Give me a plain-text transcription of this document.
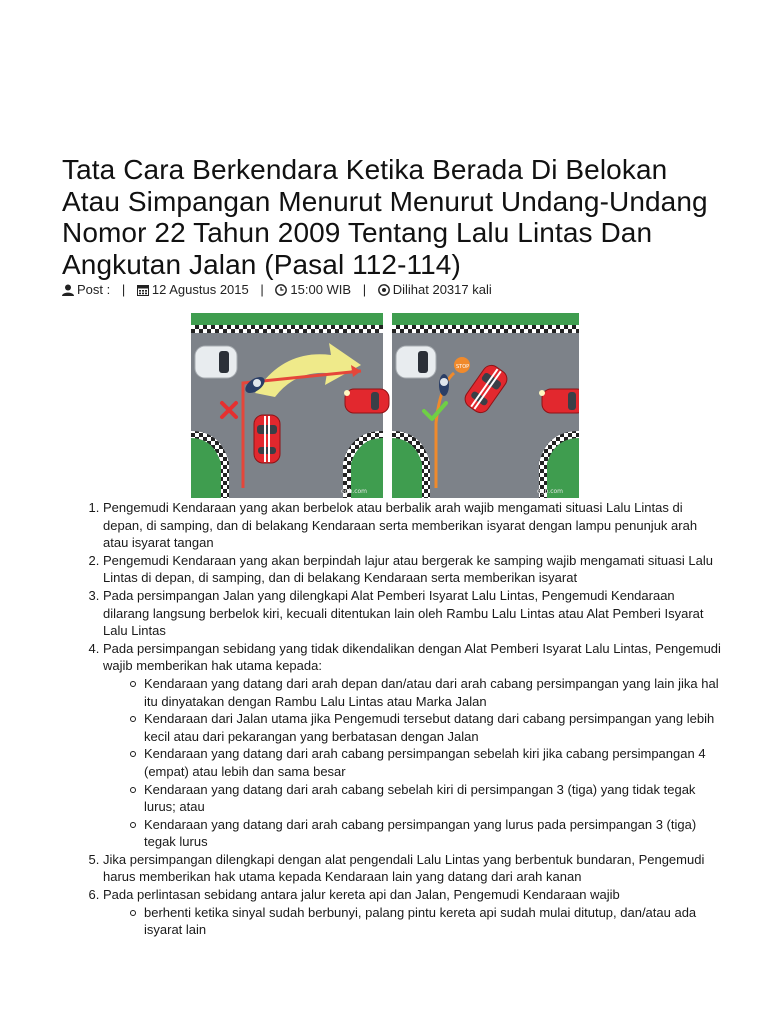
Tata Cara Berkendara Ketika Berada Di Belokan Atau Simpangan Menurut Menurut Undang-Undang Nomor 22 Tahun 2009 Tentang Lalu Lintas Dan Angkutan Jalan (Pasal 112-114)
Post : | 12 Agustus 2015 | 15:00 WIB | Dilihat 20317 kali
ogb.com
STOP
ogb.com
1. Pengemudi Kendaraan yang akan berbelok atau berbalik arah wajib mengamati situasi Lalu Lintas di depan, di samping, dan di belakang Kendaraan serta memberikan isyarat dengan lampu penunjuk arah atau isyarat tangan
2. Pengemudi Kendaraan yang akan berpindah lajur atau bergerak ke samping wajib mengamati situasi Lalu Lintas di depan, di samping, dan di belakang Kendaraan serta memberikan isyarat
3. Pada persimpangan Jalan yang dilengkapi Alat Pemberi Isyarat Lalu Lintas, Pengemudi Kendaraan dilarang langsung berbelok kiri, kecuali ditentukan lain oleh Rambu Lalu Lintas atau Alat Pemberi Isyarat Lalu Lintas
4. Pada persimpangan sebidang yang tidak dikendalikan dengan Alat Pemberi Isyarat Lalu Lintas, Pengemudi wajib memberikan hak utama kepada:
Kendaraan yang datang dari arah depan dan/atau dari arah cabang persimpangan yang lain jika hal itu dinyatakan dengan Rambu Lalu Lintas atau Marka Jalan
Kendaraan dari Jalan utama jika Pengemudi tersebut datang dari cabang persimpangan yang lebih kecil atau dari pekarangan yang berbatasan dengan Jalan
Kendaraan yang datang dari arah cabang persimpangan sebelah kiri jika cabang persimpangan 4 (empat) atau lebih dan sama besar
Kendaraan yang datang dari arah cabang sebelah kiri di persimpangan 3 (tiga) yang tidak tegak lurus; atau
Kendaraan yang datang dari arah cabang persimpangan yang lurus pada persimpangan 3 (tiga) tegak lurus
5. Jika persimpangan dilengkapi dengan alat pengendali Lalu Lintas yang berbentuk bundaran, Pengemudi harus memberikan hak utama kepada Kendaraan lain yang datang dari arah kanan
6. Pada perlintasan sebidang antara jalur kereta api dan Jalan, Pengemudi Kendaraan wajib
berhenti ketika sinyal sudah berbunyi, palang pintu kereta api sudah mulai ditutup, dan/atau ada isyarat lain
